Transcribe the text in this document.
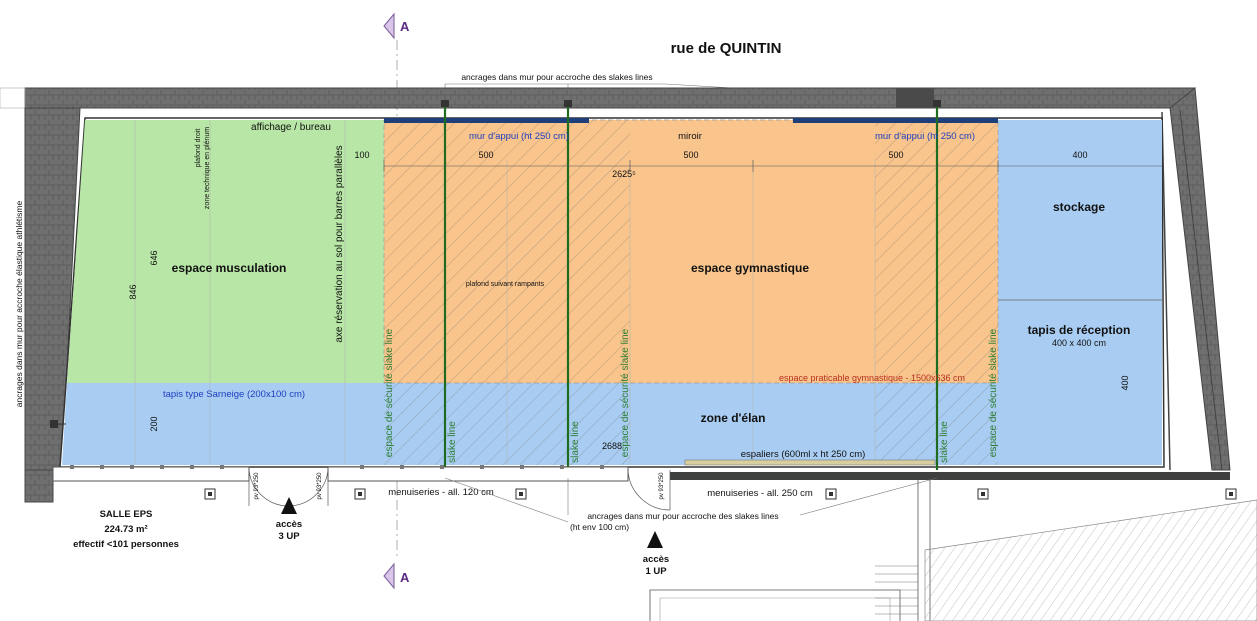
A
A
rue de QUINTIN
ancrages dans mur pour accroche des slakes lines
affichage / bureau
mur d'appui (ht 250 cm)	miroir	mur d'appui (ht 250 cm)
100	500	500	500	400
2625⁵
2688
646
846
200
400
plafond droit zone technique en plénum	axe réservation au sol pour barres parallèles
espace musculation	espace gymnastique
stockage
tapis de réception
400 x 400 cm
zone d'élan
plafond suivant rampants
espace praticable gymnastique - 1500x636 cm
tapis type Sarneige (200x100 cm)	espace de sécurité slake line	espace de sécurité slake line	espace de sécurité slake line
slake line	slake line	slake line
espaliers (600ml x ht 250 cm)
ancrages dans mur pour accroche élastique athlétisme
pv 93*250	pv 93*250	pv 93*250
menuiseries - all. 120 cm	menuiseries - all. 250 cm
ancrages dans mur pour accroche des slakes lines
(ht env 100 cm)
accès
3 UP
accès
1 UP
SALLE EPS
224.73 m²
effectif <101 personnes
